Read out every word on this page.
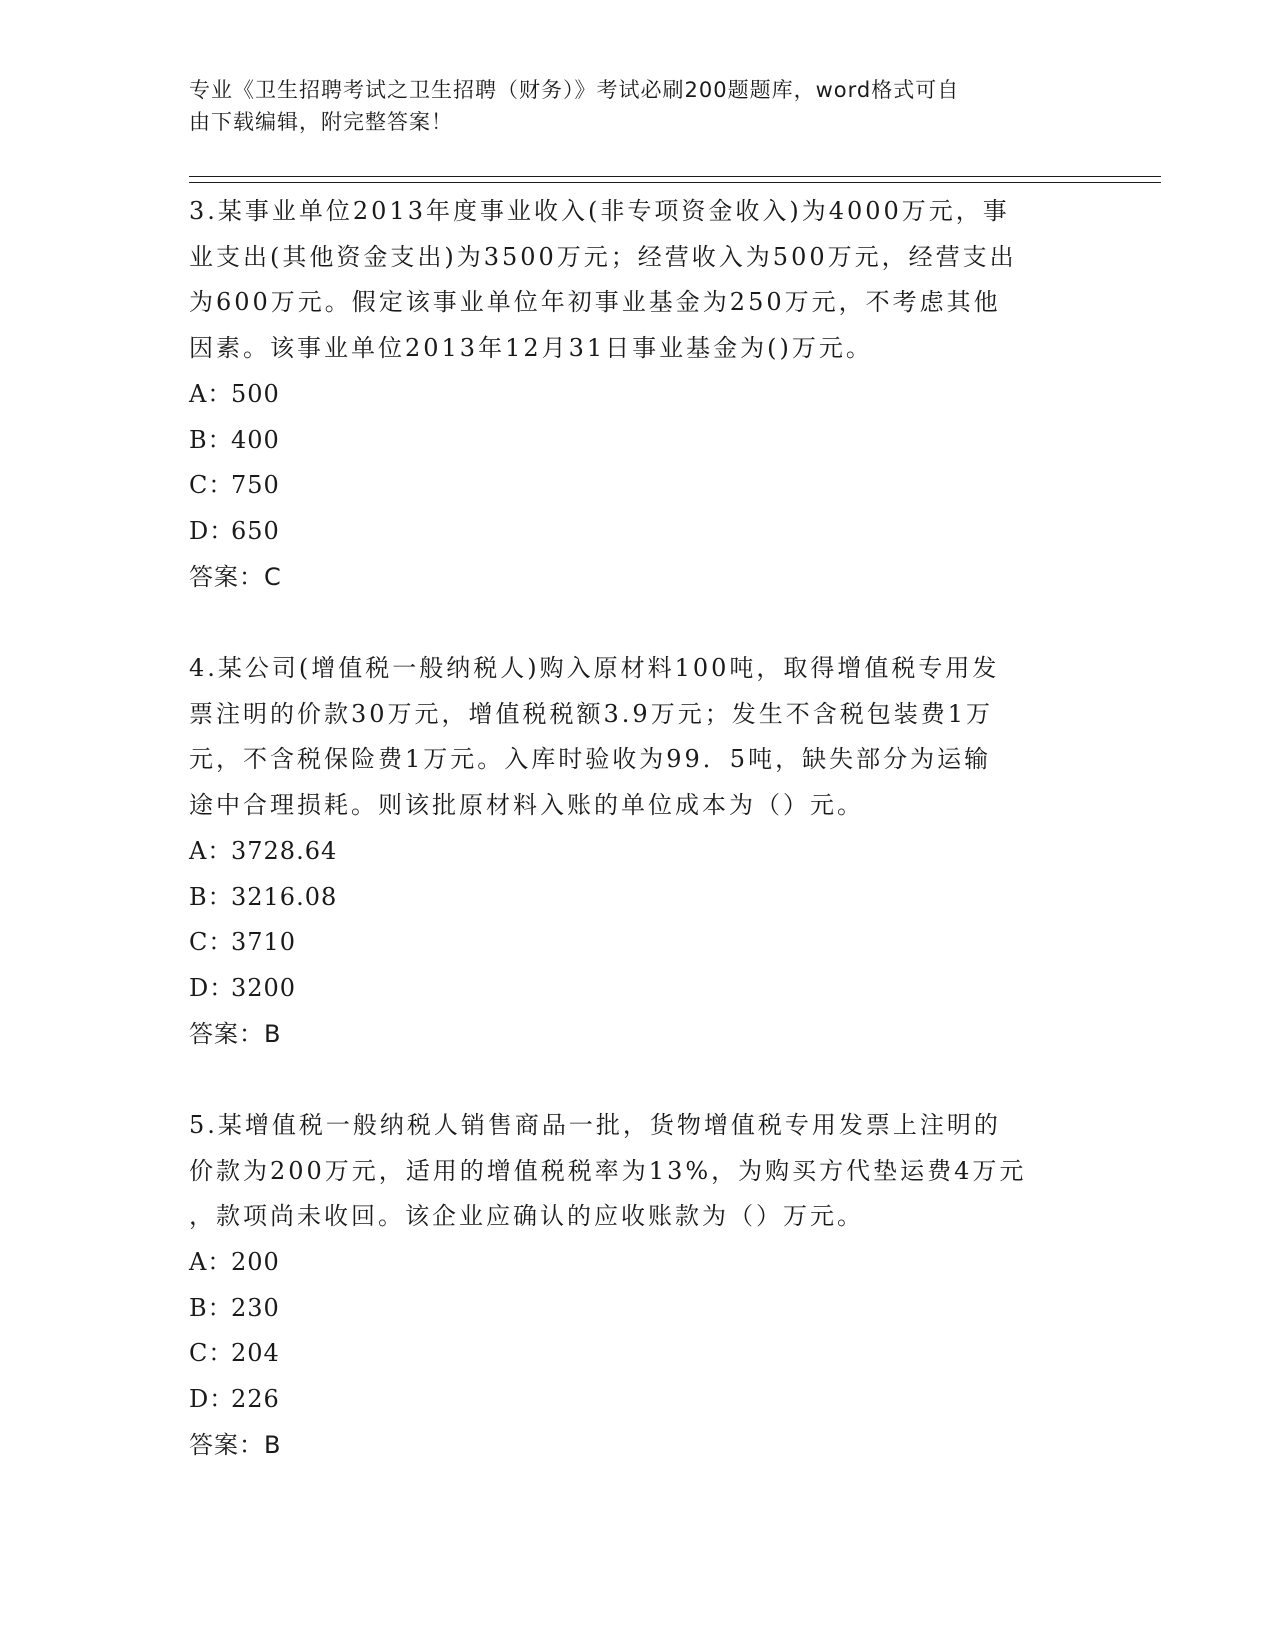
专业《卫生招聘考试之卫生招聘（财务）》考试必刷200题题库，word格式可自
由下载编辑，附完整答案！
3.某事业单位2013年度事业收入(非专项资金收入)为4000万元，事
业支出(其他资金支出)为3500万元；经营收入为500万元，经营支出
为600万元。假定该事业单位年初事业基金为250万元，不考虑其他
因素。该事业单位2013年12月31日事业基金为()万元。
A：
500
B：
400
C：
750
D：
650
答案：C
4.某公司(增值税一般纳税人)购入原材料100吨，取得增值税专用发
票注明的价款30万元，增值税税额3.9万元；发生不含税包装费1万
元，不含税保险费1万元。入库时验收为99．5吨，缺失部分为运输
途中合理损耗。则该批原材料入账的单位成本为（）元。
A：
3728.64
B：
3216.08
C：
3710
D：
3200
答案：B
5.某增值税一般纳税人销售商品一批，货物增值税专用发票上注明的
价款为200万元，适用的增值税税率为13%，为购买方代垫运费4万元
，款项尚未收回。该企业应确认的应收账款为（）万元。
A：
200
B：
230
C：
204
D：
226
答案：B
